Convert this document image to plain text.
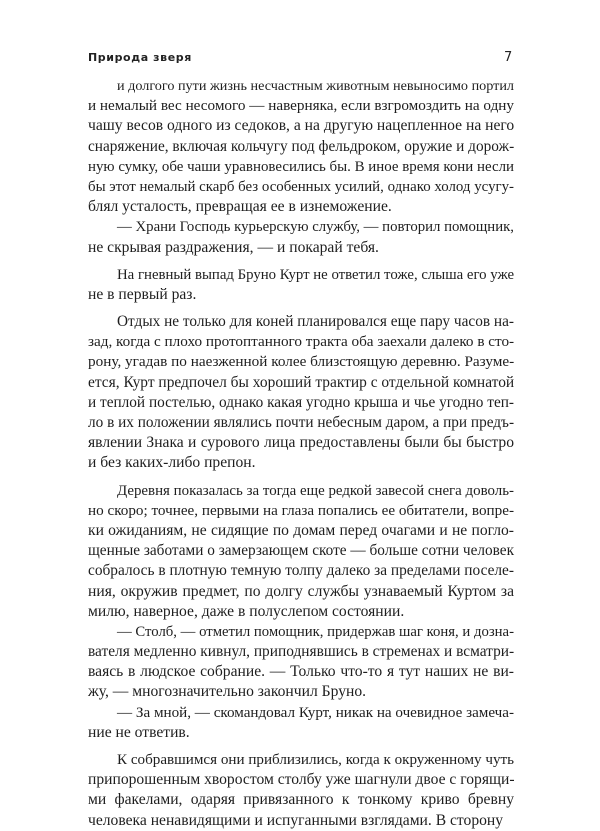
Природа зверя	7
и долгого пути жизнь несчастным животным невыносимо портил
и немалый вес несомого — наверняка, если взгромоздить на одну
чашу весов одного из седоков, а на другую нацепленное на него
снаряжение, включая кольчугу под фельдроком, оружие и дорож-
ную сумку, обе чаши уравновесились бы. В иное время кони несли
бы этот немалый скарб без особенных усилий, однако холод усугу-
блял усталость, превращая ее в изнеможение.
— Храни Господь курьерскую службу, — повторил помощник,
не скрывая раздражения, — и покарай тебя.
На гневный выпад Бруно Курт не ответил тоже, слыша его уже
не в первый раз.
Отдых не только для коней планировался еще пару часов на-
зад, когда с плохо протоптанного тракта оба заехали далеко в сто-
рону, угадав по наезженной колее близстоящую деревню. Разуме-
ется, Курт предпочел бы хороший трактир с отдельной комнатой
и теплой постелью, однако какая угодно крыша и чье угодно теп-
ло в их положении являлись почти небесным даром, а при предъ-
явлении Знака и сурового лица предоставлены были бы быстро
и без каких-либо препон.
Деревня показалась за тогда еще редкой завесой снега доволь-
но скоро; точнее, первыми на глаза попались ее обитатели, вопре-
ки ожиданиям, не сидящие по домам перед очагами и не погло-
щенные заботами о замерзающем скоте — больше сотни человек
собралось в плотную темную толпу далеко за пределами поселе-
ния, окружив предмет, по долгу службы узнаваемый Куртом за
милю, наверное, даже в полуслепом состоянии.
— Столб, — отметил помощник, придержав шаг коня, и дозна-
вателя медленно кивнул, приподнявшись в стременах и всматри-
ваясь в людское собрание. — Только что-то я тут наших не ви-
жу, — многозначительно закончил Бруно.
— За мной, — скомандовал Курт, никак на очевидное замеча-
ние не ответив.
К собравшимся они приблизились, когда к окруженному чуть
припорошенным хворостом столбу уже шагнули двое с горящи-
ми факелами, одаряя привязанного к тонкому криво бревну
человека ненавидящими и испуганными взглядами. В сторону
